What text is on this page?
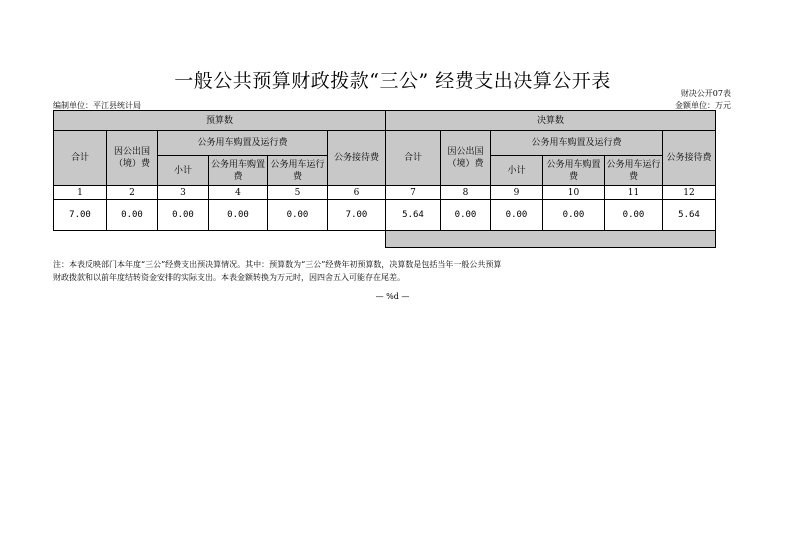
一般公共预算财政拨款“三公” 经费支出决算公开表
财决公开07表
编制单位：平江县统计局	金额单位：万元
预算数						决算数					
合计	因公出国（境）费	公务用车购置及运行费			公务接待费	合计	因公出国（境）费	公务用车购置及运行费			公务接待费
		小计	公务用车购置费	公务用车运行费				小计	公务用车购置费	公务用车运行费	
1	2	3	4	5	6	7	8	9	10	11	12
7.00	0.00	0.00	0.00	0.00	7.00	5.64	0.00	0.00	0.00	0.00	5.64

注：本表反映部门本年度“三公”经费支出预决算情况。其中：预算数为“三公”经费年初预算数，决算数是包括当年一般公共预算
财政拨款和以前年度结转资金安排的实际支出。本表金额转换为万元时，因四舍五入可能存在尾差。
— %d —
